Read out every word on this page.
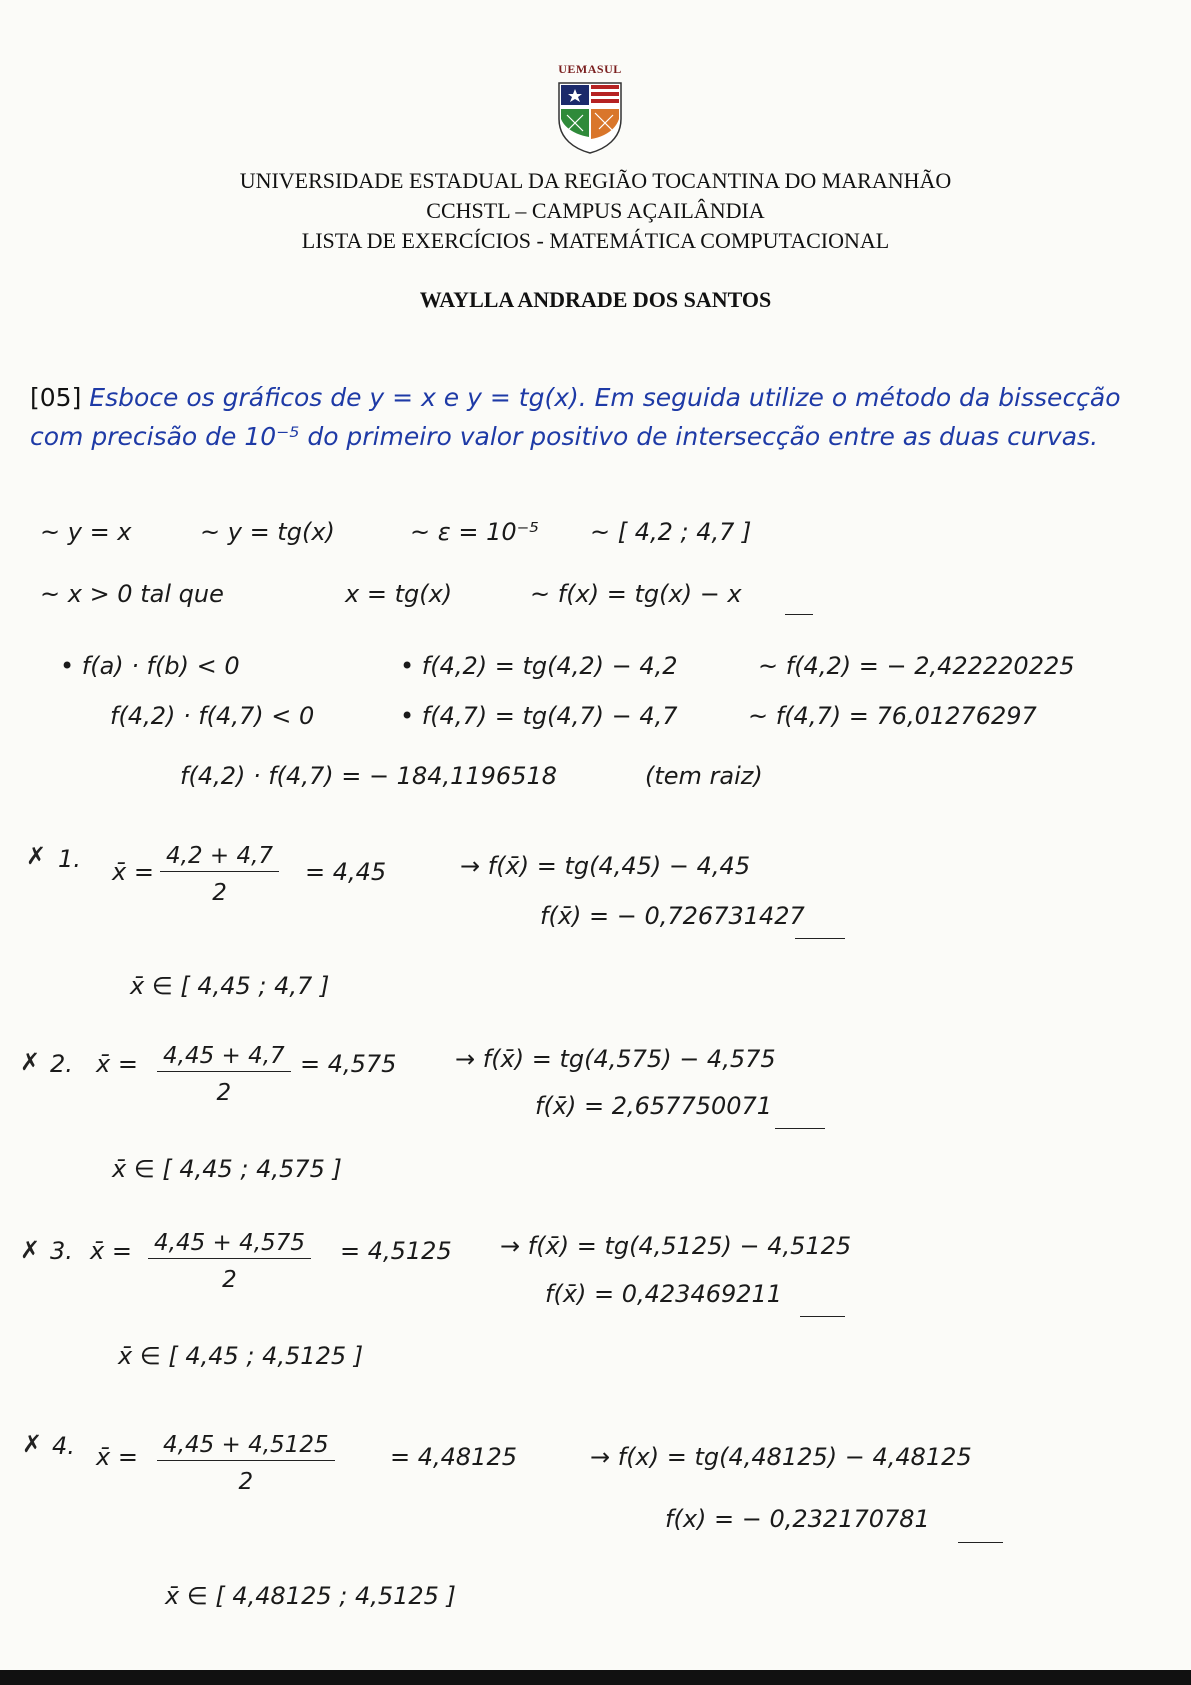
UEMASUL
UNIVERSIDADE ESTADUAL DA REGIÃO TOCANTINA DO MARANHÃO
CCHSTL – CAMPUS AÇAILÂNDIA
LISTA DE EXERCÍCIOS - MATEMÁTICA COMPUTACIONAL
WAYLLA ANDRADE DOS SANTOS
[05] Esboce os gráficos de y = x e y = tg(x). Em seguida utilize o método da bissecção com precisão de 10⁻⁵ do primeiro valor positivo de intersecção entre as duas curvas.
~ y = x	~ y = tg(x)	~ ε = 10⁻⁵ ~ [ 4,2 ; 4,7 ]
~ x > 0 tal que	x = tg(x)	~ f(x) = tg(x) − x
• f(a) · f(b) < 0
f(4,2) · f(4,7) < 0
• f(4,2) = tg(4,2) − 4,2	~ f(4,2) = − 2,422220225
• f(4,7) = tg(4,7) − 4,7	~ f(4,7) = 76,01276297
f(4,2) · f(4,7) = − 184,1196518	(tem raiz)
✗ 1. x̄ = $\frac{4,2 + 4,7}{2} = 4,45$	→ f(x̄) = tg(4,45) − 4,45
f(x̄) = − 0,726731427
x̄ ∈ [ 4,45 ; 4,7 ]
✗ 2. x̄ = $\frac{4,45 + 4,7}{2} = 4,575$ → f(x̄) = tg(4,575) − 4,575
f(x̄) = 2,657750071
x̄ ∈ [ 4,45 ; 4,575 ]
✗ 3. x̄ = $\frac{4,45 + 4,575}{2} = 4,5125$ → f(x̄) = tg(4,5125) − 4,5125
f(x̄) = 0,423469211
x̄ ∈ [ 4,45 ; 4,5125 ]
✗ 4. x̄ = $\frac{4,45 + 4,5125}{2} = 4,48125$	→ f(x) = tg(4,48125) − 4,48125
f(x) = − 0,232170781
x̄ ∈ [ 4,48125 ; 4,5125 ]
